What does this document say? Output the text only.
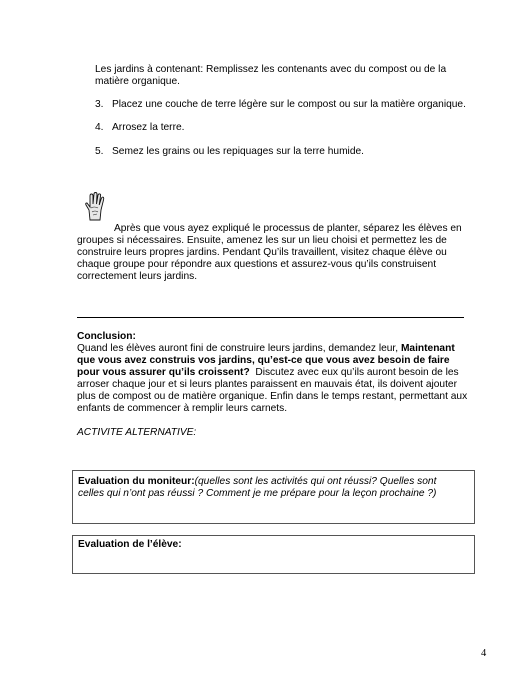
Les jardins à contenant: Remplissez les contenants avec du compost ou de la

matière organique.

3. Placez une couche de terre légère sur le compost ou sur la matière organique.
4. Arrosez la terre.
5. Semez les grains ou les repiquages sur la terre humide.

Après que vous ayez expliqué le processus de planter, séparez les élèves en

groupes si nécessaires. Ensuite, amenez les sur un lieu choisi et permettez les de

construire leurs propres jardins. Pendant Qu’ils travaillent, visitez chaque élève ou

chaque groupe pour répondre aux questions et assurez-vous qu’ils construisent

correctement leurs jardins.

Conclusion:

Quand les élèves auront fini de construire leurs jardins, demandez leur, Maintenant

que vous avez construis vos jardins, qu’est-ce que vous avez besoin de faire

pour vous assurer qu’ils croissent? Discutez avec eux qu’ils auront besoin de les

arroser chaque jour et si leurs plantes paraissent en mauvais état, ils doivent ajouter

plus de compost ou de matière organique. Enfin dans le temps restant, permettant aux

enfants de commencer à remplir leurs carnets.

ACTIVITE ALTERNATIVE:

Evaluation du moniteur:(quelles sont les activités qui ont réussi? Quelles sont

celles qui n’ont pas réussi ? Comment je me prépare pour la leçon prochaine ?)

Evaluation de l’élève:

4
